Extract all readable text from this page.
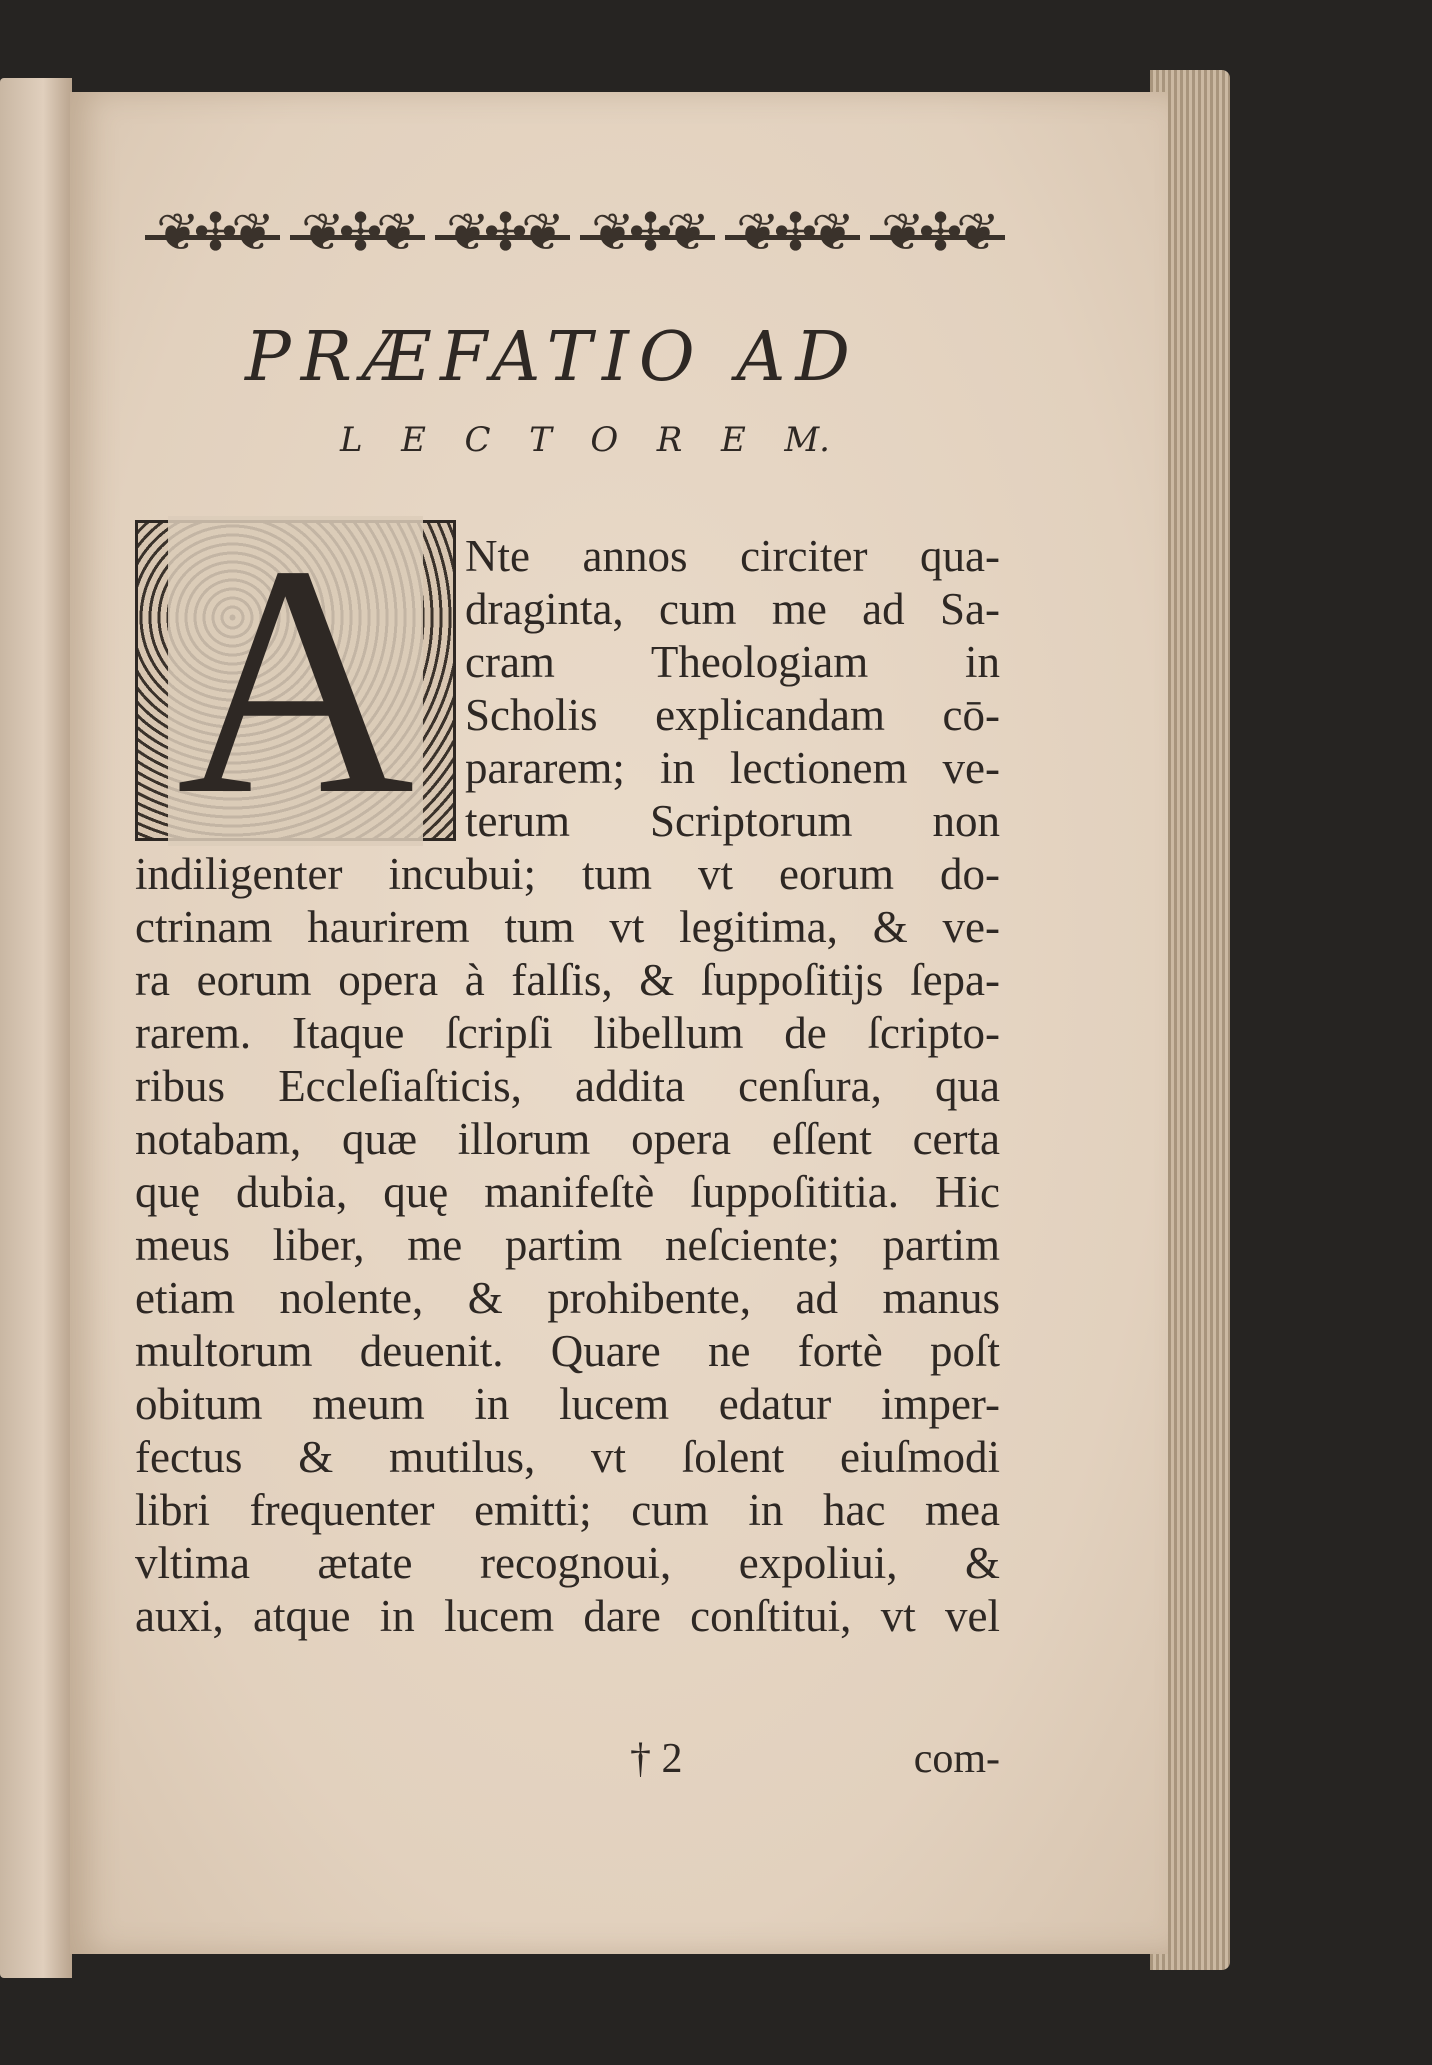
❦✣❦
❦✣❦
❦✣❦
❦✣❦
❦✣❦
❦✣❦
PRÆFATIO AD
L E C T O R E M.
A Nte annos circiter qua-
draginta, cum me ad Sa-
cram Theologiam in
Scholis explicandam cō-
pararem; in lectionem ve-
terum Scriptorum non
indiligenter incubui; tum vt eorum do-
ctrinam haurirem tum vt legitima, & ve-
ra eorum opera à falſis, & ſuppoſitijs ſepa-
rarem. Itaque ſcripſi libellum de ſcripto-
ribus Eccleſiaſticis, addita cenſura, qua
notabam, quæ illorum opera eſſent certa
quę dubia, quę manifeſtè ſuppoſititia. Hic
meus liber, me partim neſciente; partim
etiam nolente, & prohibente, ad manus
multorum deuenit. Quare ne fortè poſt
obitum meum in lucem edatur imper-
fectus & mutilus, vt ſolent eiuſmodi
libri frequenter emitti; cum in hac mea
vltima ætate recognoui, expoliui, &
auxi, atque in lucem dare conſtitui, vt vel
† 2	com-
